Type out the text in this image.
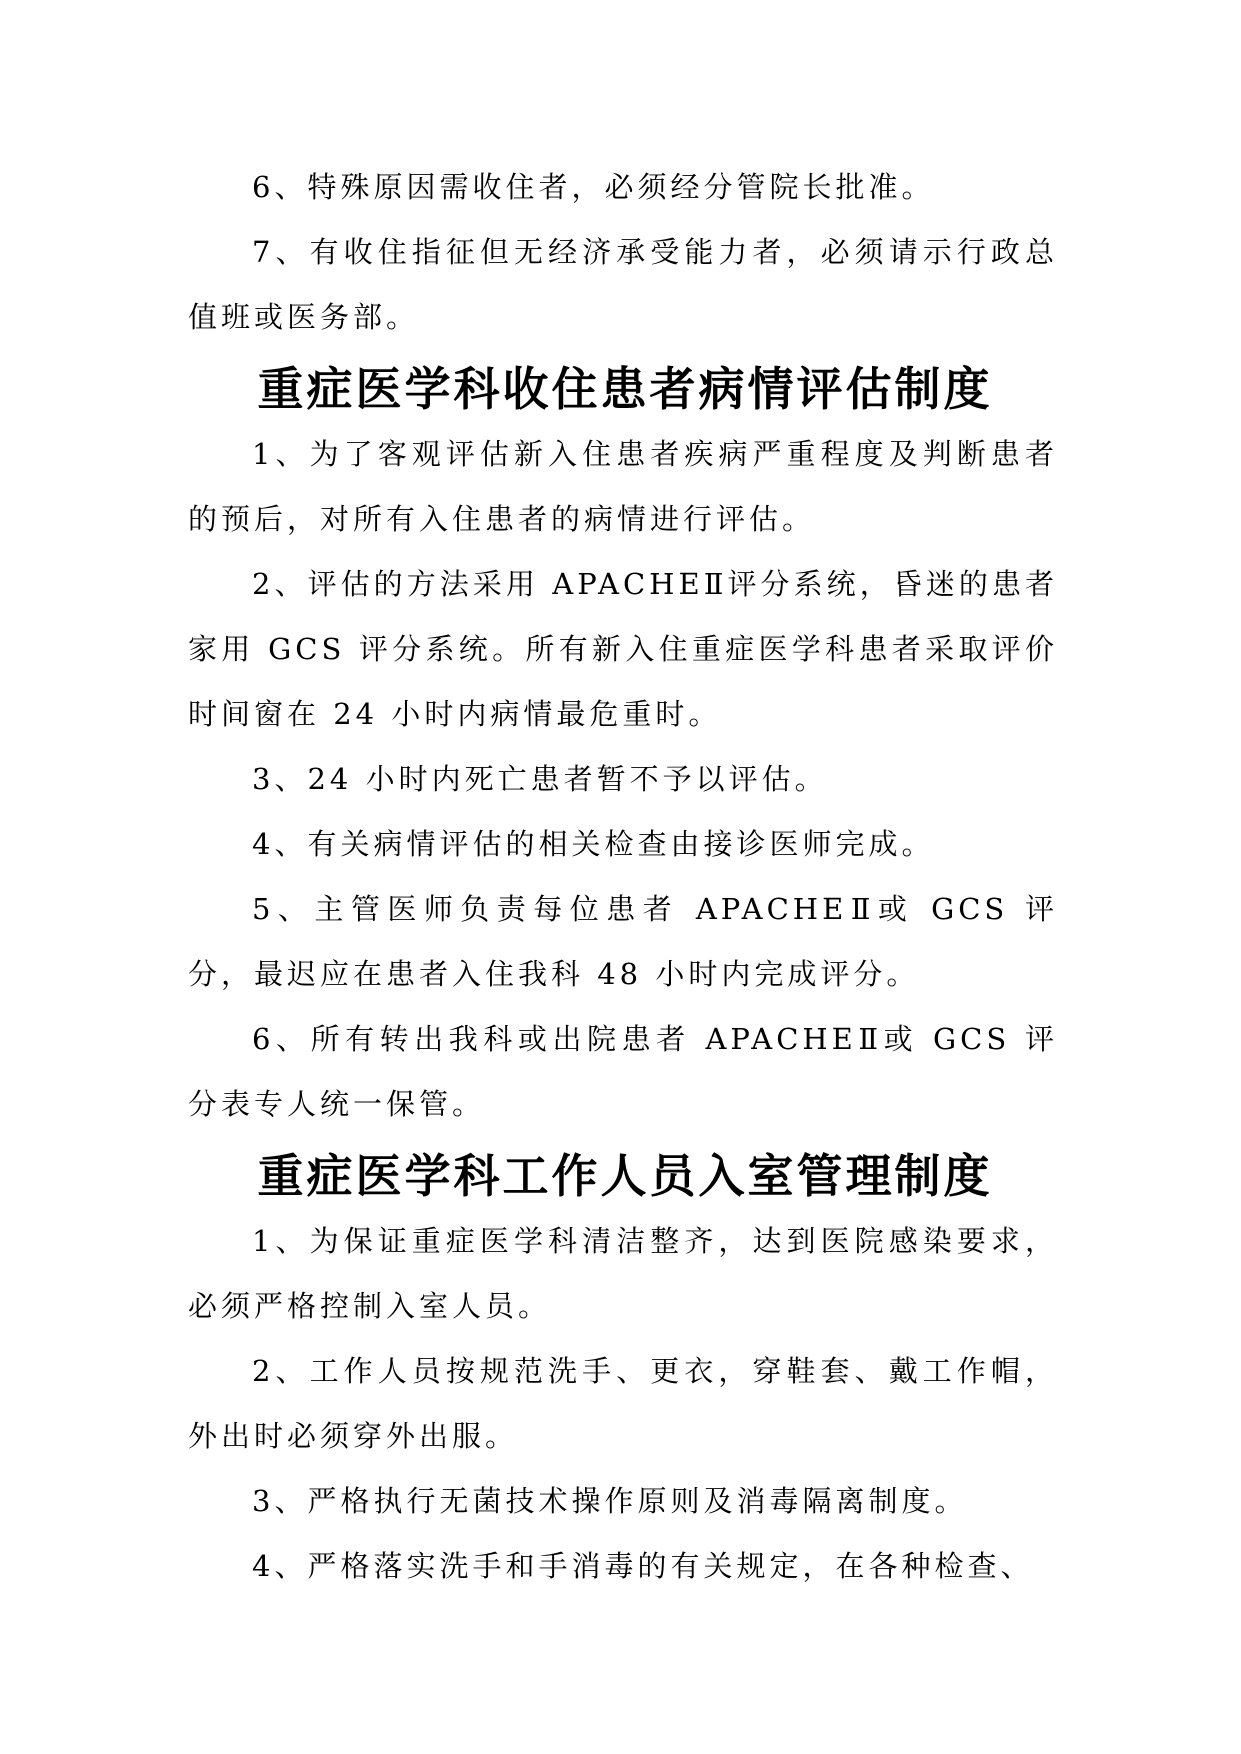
6、特殊原因需收住者，必须经分管院长批准。

7、有收住指征但无经济承受能力者，必须请示行政总值班或医务部。

重症医学科收住患者病情评估制度

1、为了客观评估新入住患者疾病严重程度及判断患者的预后，对所有入住患者的病情进行评估。

2、评估的方法采用 APACHEⅡ评分系统，昏迷的患者家用 GCS 评分系统。所有新入住重症医学科患者采取评价时间窗在 24 小时内病情最危重时。

3、24 小时内死亡患者暂不予以评估。

4、有关病情评估的相关检查由接诊医师完成。

5、主管医师负责每位患者 APACHEⅡ或 GCS 评分，最迟应在患者入住我科 48 小时内完成评分。

6、所有转出我科或出院患者 APACHEⅡ或 GCS 评分表专人统一保管。

重症医学科工作人员入室管理制度

1、为保证重症医学科清洁整齐，达到医院感染要求，必须严格控制入室人员。

2、工作人员按规范洗手、更衣，穿鞋套、戴工作帽，外出时必须穿外出服。

3、严格执行无菌技术操作原则及消毒隔离制度。

4、严格落实洗手和手消毒的有关规定，在各种检查、
